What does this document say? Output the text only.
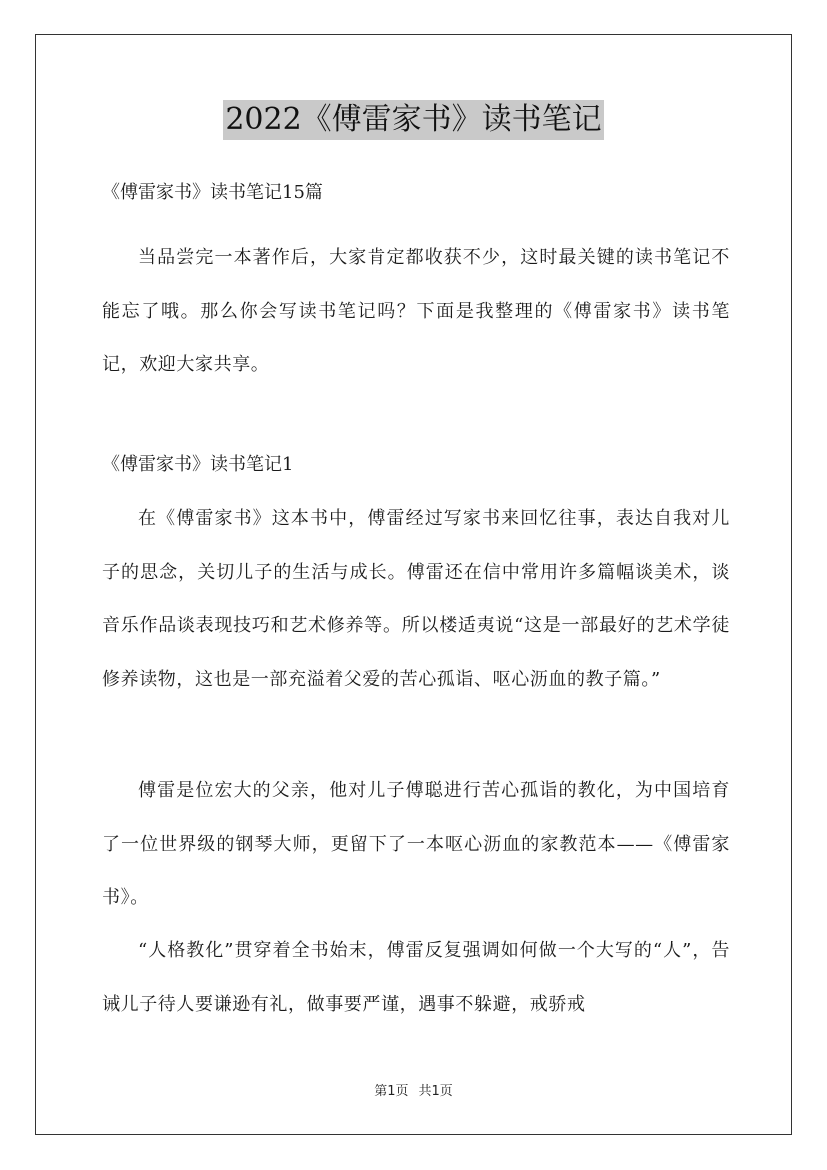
2022《傅雷家书》读书笔记
《傅雷家书》读书笔记15篇

当品尝完一本著作后，大家肯定都收获不少，这时最关键的读书笔记不能忘了哦。那么你会写读书笔记吗？下面是我整理的《傅雷家书》读书笔记，欢迎大家共享。

《傅雷家书》读书笔记1

在《傅雷家书》这本书中，傅雷经过写家书来回忆往事，表达自我对儿子的思念，关切儿子的生活与成长。傅雷还在信中常用许多篇幅谈美术，谈音乐作品谈表现技巧和艺术修养等。所以楼适夷说“这是一部最好的艺术学徒修养读物，这也是一部充溢着父爱的苦心孤诣、呕心沥血的教子篇。”

傅雷是位宏大的父亲，他对儿子傅聪进行苦心孤诣的教化，为中国培育了一位世界级的钢琴大师，更留下了一本呕心沥血的家教范本——《傅雷家书》。

“人格教化”贯穿着全书始末，傅雷反复强调如何做一个大写的“人”，告诫儿子待人要谦逊有礼，做事要严谨，遇事不躲避，戒骄戒

第1页 共1页
